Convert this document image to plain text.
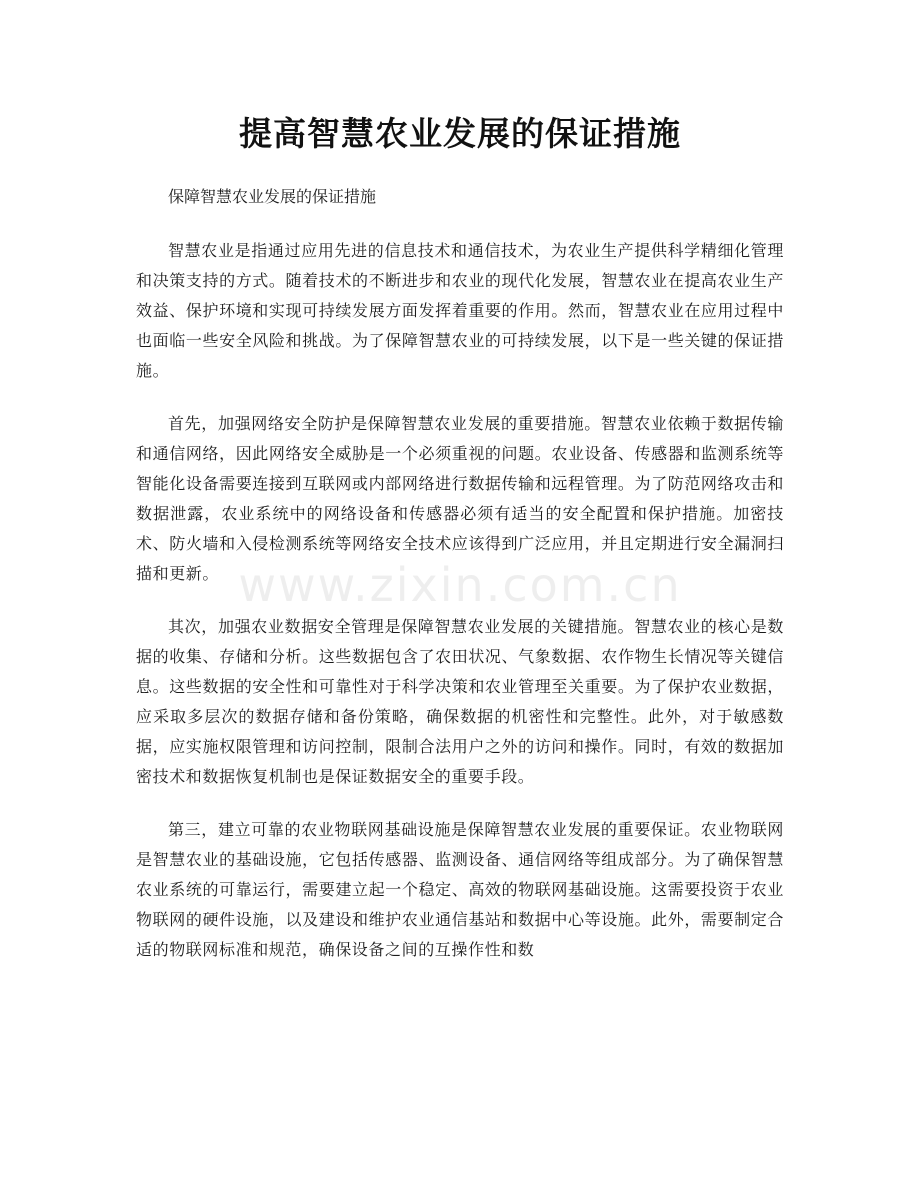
提高智慧农业发展的保证措施
www.zixin.com.cn

保障智慧农业发展的保证措施

智慧农业是指通过应用先进的信息技术和通信技术，为农业生产提供科学精细化管理和决策支持的方式。随着技术的不断进步和农业的现代化发展，智慧农业在提高农业生产效益、保护环境和实现可持续发展方面发挥着重要的作用。然而，智慧农业在应用过程中也面临一些安全风险和挑战。为了保障智慧农业的可持续发展，以下是一些关键的保证措施。

首先，加强网络安全防护是保障智慧农业发展的重要措施。智慧农业依赖于数据传输和通信网络，因此网络安全威胁是一个必须重视的问题。农业设备、传感器和监测系统等智能化设备需要连接到互联网或内部网络进行数据传输和远程管理。为了防范网络攻击和数据泄露，农业系统中的网络设备和传感器必须有适当的安全配置和保护措施。加密技术、防火墙和入侵检测系统等网络安全技术应该得到广泛应用，并且定期进行安全漏洞扫描和更新。

其次，加强农业数据安全管理是保障智慧农业发展的关键措施。智慧农业的核心是数据的收集、存储和分析。这些数据包含了农田状况、气象数据、农作物生长情况等关键信息。这些数据的安全性和可靠性对于科学决策和农业管理至关重要。为了保护农业数据，应采取多层次的数据存储和备份策略，确保数据的机密性和完整性。此外，对于敏感数据，应实施权限管理和访问控制，限制合法用户之外的访问和操作。同时，有效的数据加密技术和数据恢复机制也是保证数据安全的重要手段。

第三，建立可靠的农业物联网基础设施是保障智慧农业发展的重要保证。农业物联网是智慧农业的基础设施，它包括传感器、监测设备、通信网络等组成部分。为了确保智慧农业系统的可靠运行，需要建立起一个稳定、高效的物联网基础设施。这需要投资于农业物联网的硬件设施，以及建设和维护农业通信基站和数据中心等设施。此外，需要制定合适的物联网标准和规范，确保设备之间的互操作性和数
